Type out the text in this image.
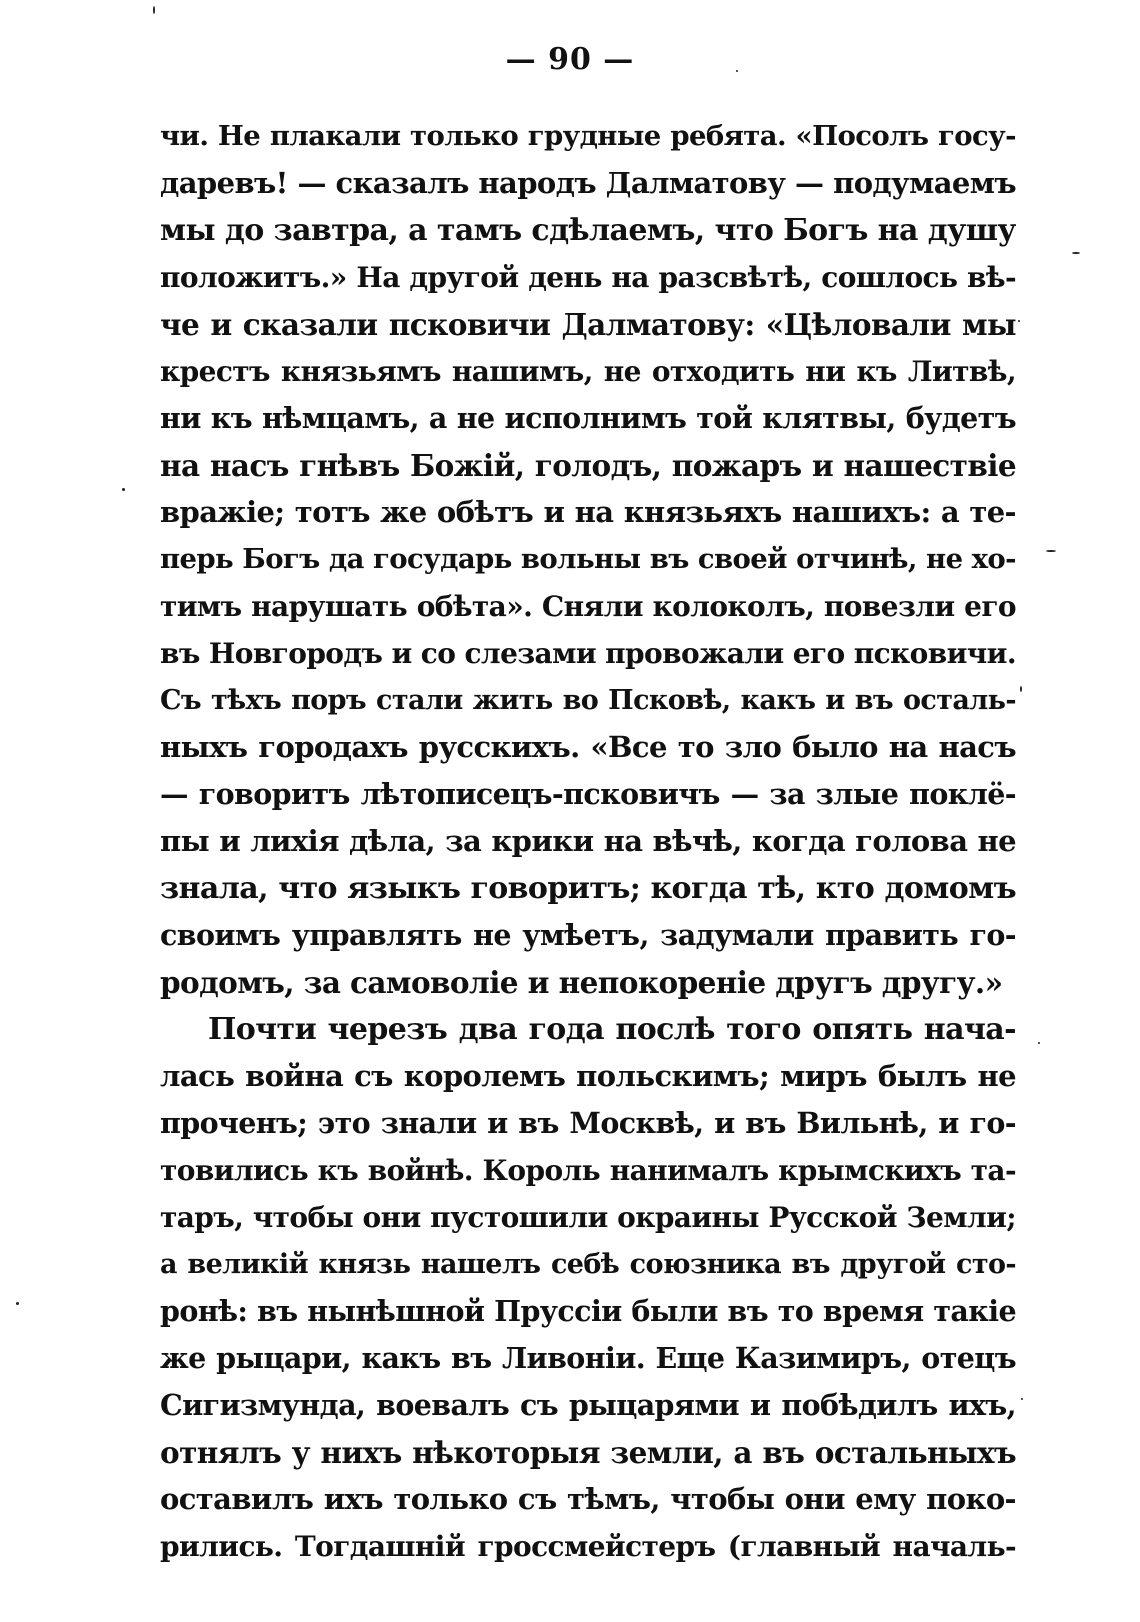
— 90 —
чи. Не плакали только грудные ребята. «Посолъ госу-
даревъ! — сказалъ народъ Далматову — подумаемъ
мы до завтра, а тамъ сдѣлаемъ, что Богъ на душу
положитъ.» На другой день на разсвѣтѣ, сошлось вѣ-
че и сказали псковичи Далматову: «Цѣловали мы
крестъ князьямъ нашимъ, не отходить ни къ Литвѣ,
ни къ нѣмцамъ, а не исполнимъ той клятвы, будетъ
на насъ гнѣвъ Божій, голодъ, пожаръ и нашествіе
вражіе; тотъ же обѣтъ и на князьяхъ нашихъ: а те-
перь Богъ да государь вольны въ своей отчинѣ, не хо-
тимъ нарушать обѣта». Сняли колоколъ, повезли его
въ Новгородъ и со слезами провожали его псковичи.
Съ тѣхъ поръ стали жить во Псковѣ, какъ и въ осталь-
ныхъ городахъ русскихъ. «Все то зло было на насъ
— говоритъ лѣтописецъ-псковичъ — за злые поклё-
пы и лихія дѣла, за крики на вѣчѣ, когда голова не
знала, что языкъ говоритъ; когда тѣ, кто домомъ
своимъ управлять не умѣетъ, задумали править го-
родомъ, за самоволіе и непокореніе другъ другу.»
Почти черезъ два года послѣ того опять нача-
лась война съ королемъ польскимъ; миръ былъ не
проченъ; это знали и въ Москвѣ, и въ Вильнѣ, и го-
товились къ войнѣ. Король нанималъ крымскихъ та-
таръ, чтобы они пустошили окраины Русской Земли;
а великій князь нашелъ себѣ союзника въ другой сто-
ронѣ: въ нынѣшной Пруссіи были въ то время такіе
же рыцари, какъ въ Ливоніи. Еще Казимиръ, отецъ
Сигизмунда, воевалъ съ рыцарями и побѣдилъ ихъ,
отнялъ у нихъ нѣкоторыя земли, а въ остальныхъ
оставилъ ихъ только съ тѣмъ, чтобы они ему поко-
рились. Тогдашній гроссмейстеръ (главный началь-
